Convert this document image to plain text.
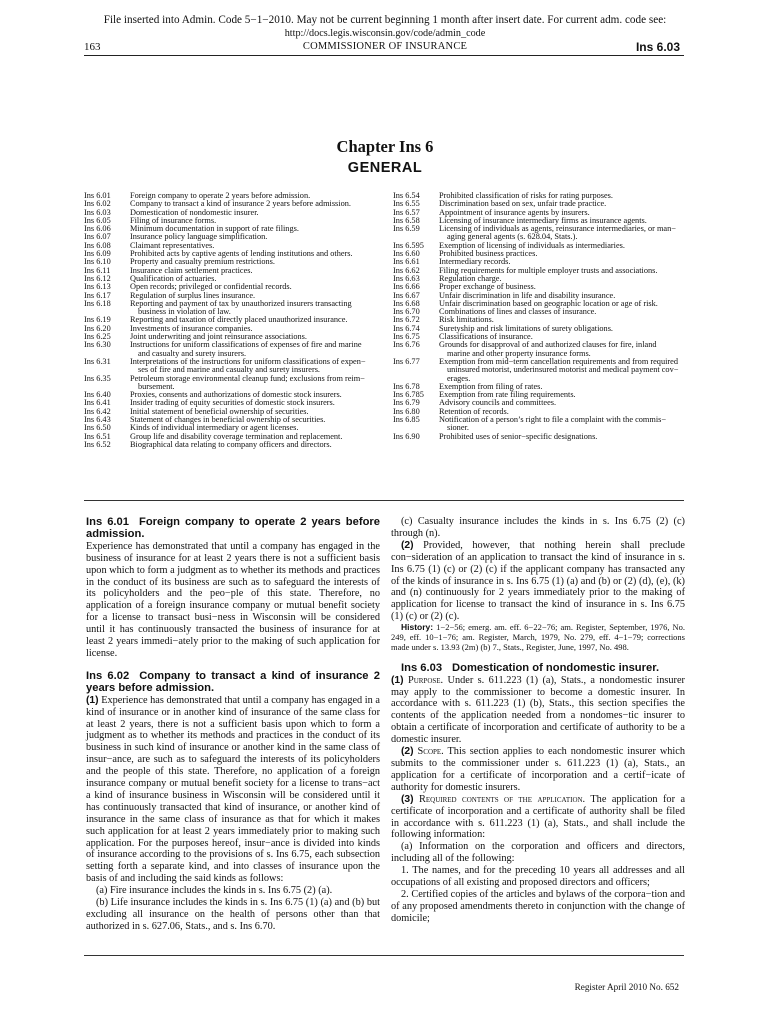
File inserted into Admin. Code 5−1−2010. May not be current beginning 1 month after insert date. For current adm. code see:
http://docs.legis.wisconsin.gov/code/admin_code
163	COMMISSIONER OF INSURANCE	Ins 6.03
Chapter Ins 6
GENERAL
Ins 6.01	Foreign company to operate 2 years before admission.
Ins 6.02	Company to transact a kind of insurance 2 years before admission.
Ins 6.03	Domestication of nondomestic insurer.
Ins 6.05	Filing of insurance forms.
Ins 6.06	Minimum documentation in support of rate filings.
Ins 6.07	Insurance policy language simplification.
Ins 6.08	Claimant representatives.
Ins 6.09	Prohibited acts by captive agents of lending institutions and others.
Ins 6.10	Property and casualty premium restrictions.
Ins 6.11	Insurance claim settlement practices.
Ins 6.12	Qualification of actuaries.
Ins 6.13	Open records; privileged or confidential records.
Ins 6.17	Regulation of surplus lines insurance.
Ins 6.18	Reporting and payment of tax by unauthorized insurers transacting
business in violation of law.
Ins 6.19	Reporting and taxation of directly placed unauthorized insurance.
Ins 6.20	Investments of insurance companies.
Ins 6.25	Joint underwriting and joint reinsurance associations.
Ins 6.30	Instructions for uniform classifications of expenses of fire and marine
and casualty and surety insurers.
Ins 6.31	Interpretations of the instructions for uniform classifications of expen−
ses of fire and marine and casualty and surety insurers.
Ins 6.35	Petroleum storage environmental cleanup fund; exclusions from reim−
bursement.
Ins 6.40	Proxies, consents and authorizations of domestic stock insurers.
Ins 6.41	Insider trading of equity securities of domestic stock insurers.
Ins 6.42	Initial statement of beneficial ownership of securities.
Ins 6.43	Statement of changes in beneficial ownership of securities.
Ins 6.50	Kinds of individual intermediary or agent licenses.
Ins 6.51	Group life and disability coverage termination and replacement.
Ins 6.52	Biographical data relating to company officers and directors.
Ins 6.54	Prohibited classification of risks for rating purposes.
Ins 6.55	Discrimination based on sex, unfair trade practice.
Ins 6.57	Appointment of insurance agents by insurers.
Ins 6.58	Licensing of insurance intermediary firms as insurance agents.
Ins 6.59	Licensing of individuals as agents, reinsurance intermediaries, or man−
aging general agents (s. 628.04, Stats.).
Ins 6.595	Exemption of licensing of individuals as intermediaries.
Ins 6.60	Prohibited business practices.
Ins 6.61	Intermediary records.
Ins 6.62	Filing requirements for multiple employer trusts and associations.
Ins 6.63	Regulation charge.
Ins 6.66	Proper exchange of business.
Ins 6.67	Unfair discrimination in life and disability insurance.
Ins 6.68	Unfair discrimination based on geographic location or age of risk.
Ins 6.70	Combinations of lines and classes of insurance.
Ins 6.72	Risk limitations.
Ins 6.74	Suretyship and risk limitations of surety obligations.
Ins 6.75	Classifications of insurance.
Ins 6.76	Grounds for disapproval of and authorized clauses for fire, inland
marine and other property insurance forms.
Ins 6.77	Exemption from mid−term cancellation requirements and from required
uninsured motorist, underinsured motorist and medical payment cov−
erages.
Ins 6.78	Exemption from filing of rates.
Ins 6.785	Exemption from rate filing requirements.
Ins 6.79	Advisory councils and committees.
Ins 6.80	Retention of records.
Ins 6.85	Notification of a person’s right to file a complaint with the commis−
sioner.
Ins 6.90	Prohibited uses of senior−specific designations.
Ins 6.01 Foreign company to operate 2 years before admission.

Experience has demonstrated that until a company has engaged in the business of insurance for at least 2 years there is not a sufficient basis upon which to form a judgment as to whether its methods and practices in the conduct of its business are such as to safeguard the interests of its policyholders and the peo−ple of this state. Therefore, no application of a foreign insurance company or mutual benefit society for a license to transact busi−ness in Wisconsin will be considered until it has continuously transacted the business of insurance for at least 2 years immedi−ately prior to the making of such application for license.

Ins 6.02 Company to transact a kind of insurance 2 years before admission.

(1) Experience has demonstrated that until a company has engaged in a kind of insurance or in another kind of insurance of the same class for at least 2 years, there is not a sufficient basis upon which to form a judgment as to whether its methods and practices in the conduct of its business in such kind of insurance or another kind in the same class of insur−ance, are such as to safeguard the interests of its policyholders and the people of this state. Therefore, no application of a foreign insurance company or mutual benefit society for a license to trans−act a kind of insurance business in Wisconsin will be considered until it has continuously transacted that kind of insurance, or another kind of insurance in the same class of insurance as that for which it makes such application for at least 2 years immediately prior to making such application. For the purposes hereof, insur−ance is divided into kinds of insurance according to the provisions of s. Ins 6.75, each subsection setting forth a separate kind, and into classes of insurance upon the basis of and including the said kinds as follows:

(a) Fire insurance includes the kinds in s. Ins 6.75 (2) (a).

(b) Life insurance includes the kinds in s. Ins 6.75 (1) (a) and (b) but excluding all insurance on the health of persons other than that authorized in s. 627.06, Stats., and s. Ins 6.70.

(c) Casualty insurance includes the kinds in s. Ins 6.75 (2) (c) through (n).

(2) Provided, however, that nothing herein shall preclude con−sideration of an application to transact the kind of insurance in s. Ins 6.75 (1) (c) or (2) (c) if the applicant company has transacted any of the kinds of insurance in s. Ins 6.75 (1) (a) and (b) or (2) (d), (e), (k) and (n) continuously for 2 years immediately prior to the making of application for license to transact the kind of insurance in s. Ins 6.75 (1) (c) or (2) (c).

History: 1−2−56; emerg. am. eff. 6−22−76; am. Register, September, 1976, No. 249, eff. 10−1−76; am. Register, March, 1979, No. 279, eff. 4−1−79; corrections made under s. 13.93 (2m) (b) 7., Stats., Register, June, 1997, No. 498.

Ins 6.03 Domestication of nondomestic insurer.

(1) Purpose. Under s. 611.223 (1) (a), Stats., a nondomestic insurer may apply to the commissioner to become a domestic insurer. In accordance with s. 611.223 (1) (b), Stats., this section specifies the contents of the application needed from a nondomes−tic insurer to obtain a certificate of incorporation and certificate of authority to be a domestic insurer.

(2) Scope. This section applies to each nondomestic insurer which submits to the commissioner under s. 611.223 (1) (a), Stats., an application for a certificate of incorporation and a certif−icate of authority for domestic insurers.

(3) Required contents of the application. The application for a certificate of incorporation and a certificate of authority shall be filed in accordance with s. 611.223 (1) (a), Stats., and shall include the following information:

(a) Information on the corporation and officers and directors, including all of the following:

1. The names, and for the preceding 10 years all addresses and all occupations of all existing and proposed directors and officers;

2. Certified copies of the articles and bylaws of the corpora−tion and of any proposed amendments thereto in conjunction with the change of domicile;

Register April 2010 No. 652
